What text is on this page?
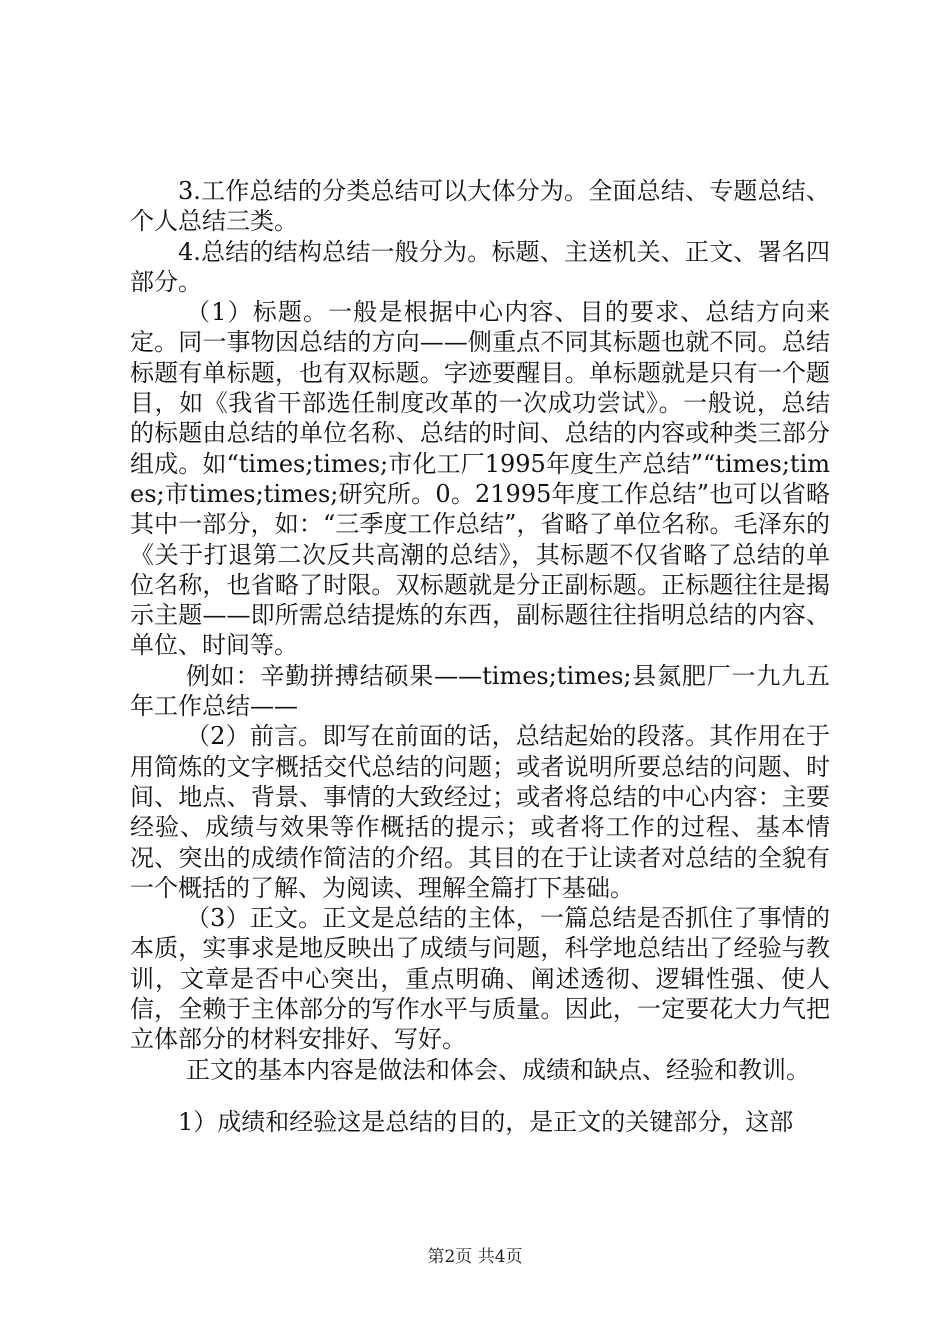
3.工作总结的分类总结可以大体分为。全面总结、专题总结、个人总结三类。

4.总结的结构总结一般分为。标题、主送机关、正文、署名四部分。

（1）标题。一般是根据中心内容、目的要求、总结方向来定。同一事物因总结的方向——侧重点不同其标题也就不同。总结标题有单标题，也有双标题。字迹要醒目。单标题就是只有一个题目，如《我省干部选任制度改革的一次成功尝试》。一般说，总结的标题由总结的单位名称、总结的时间、总结的内容或种类三部分组成。如“times;times;市化工厂1995年度生产总结”“times;times;市times;times;研究所。0。21995年度工作总结”也可以省略其中一部分，如：“三季度工作总结”，省略了单位名称。毛泽东的《关于打退第二次反共高潮的总结》，其标题不仅省略了总结的单位名称，也省略了时限。双标题就是分正副标题。正标题往往是揭示主题——即所需总结提炼的东西，副标题往往指明总结的内容、单位、时间等。

例如：辛勤拼搏结硕果——times;times;县氮肥厂一九九五年工作总结——

（2）前言。即写在前面的话，总结起始的段落。其作用在于用简炼的文字概括交代总结的问题；或者说明所要总结的问题、时间、地点、背景、事情的大致经过；或者将总结的中心内容：主要经验、成绩与效果等作概括的提示；或者将工作的过程、基本情况、突出的成绩作简洁的介绍。其目的在于让读者对总结的全貌有一个概括的了解、为阅读、理解全篇打下基础。

（3）正文。正文是总结的主体，一篇总结是否抓住了事情的本质，实事求是地反映出了成绩与问题，科学地总结出了经验与教训，文章是否中心突出，重点明确、阐述透彻、逻辑性强、使人信，全赖于主体部分的写作水平与质量。因此，一定要花大力气把立体部分的材料安排好、写好。

正文的基本内容是做法和体会、成绩和缺点、经验和教训。

1）成绩和经验这是总结的目的，是正文的关键部分，这部

第2页 共4页
